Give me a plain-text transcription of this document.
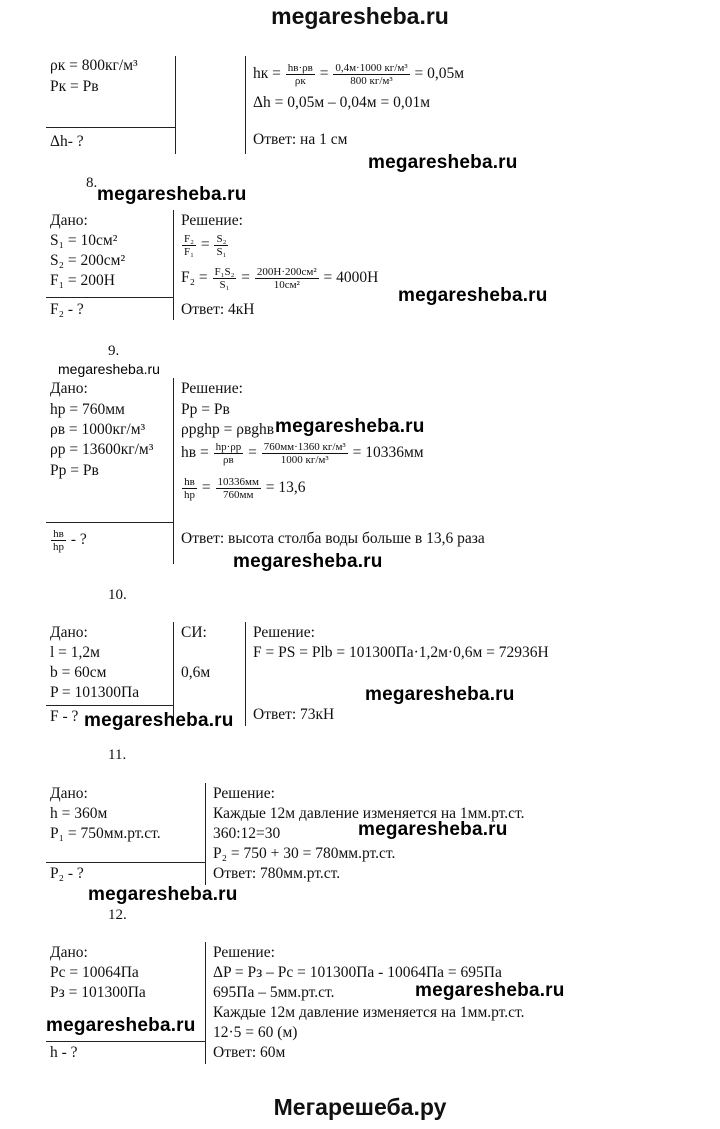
megaresheba.ru
ρк = 800кг/м³
Pк = Pв
Δh- ?
hк = $\frac{hв\cdot\rho в}{\rho к} = \frac{\text{0,4м·1000 кг/м³}}{\text{800 кг/м³}} = 0,05м$
Δh = 0,05м – 0,04м = 0,01м
Ответ: на 1 см
megaresheba.ru
8.
megaresheba.ru
Дано:
S₁ = 10см²
S₂ = 200см²
F₁ = 200Н
F₂ - ?
Решение:
$\frac{\text{F₂}}{\text{F₁}} = \frac{\text{S₂}}{\text{S₁}}$
$F_2 = \frac{\text{F₁S₂}}{\text{S₁}} = \frac{\text{200Н·200см²}}{\text{10см²}} = 4000Н$
Ответ: 4кН
megaresheba.ru
9.
megaresheba.ru
Дано:
hр = 760мм
ρв = 1000кг/м³
ρр = 13600кг/м³
Pр = Pв
$\frac{hв}{hр}$ - ?
Решение:
Pр = Pв
ρрghр = ρвghв megaresheba.ru
hв = $\frac{hр\cdot\rho р}{\rho в} = \frac{\text{760мм·1360 кг/м³}}{\text{1000 кг/м³}} = 10336мм$
$\frac{hв}{hр} = \frac{10336мм}{760мм} = 13,6$
Ответ: высота столба воды больше в 13,6 раза
megaresheba.ru
10.
Дано:
l = 1,2м
b = 60см
P = 101300Па
F - ? megaresheba.ru
СИ:
0,6м
Решение:
F = PS = Plb = 101300Па·1,2м·0,6м = 72936Н
megaresheba.ru
Ответ: 73кН
11.
Дано:
h = 360м
P₁ = 750мм.рт.ст.
P₂ - ?
Решение:
Каждые 12м давление изменяется на 1мм.рт.ст.
360:12=30	megaresheba.ru
P₂ = 750 + 30 = 780мм.рт.ст.
Ответ: 780мм.рт.ст.
megaresheba.ru
12.
Дано:
Pс = 10064Па
Pз = 101300Па
megaresheba.ru
h - ?
Решение:
ΔP = Pз – Pс = 101300Па - 10064Па = 695Па
695Па – 5мм.рт.ст.	megaresheba.ru
Каждые 12м давление изменяется на 1мм.рт.ст.
12·5 = 60 (м)
Ответ: 60м
Мегарешеба.ру
